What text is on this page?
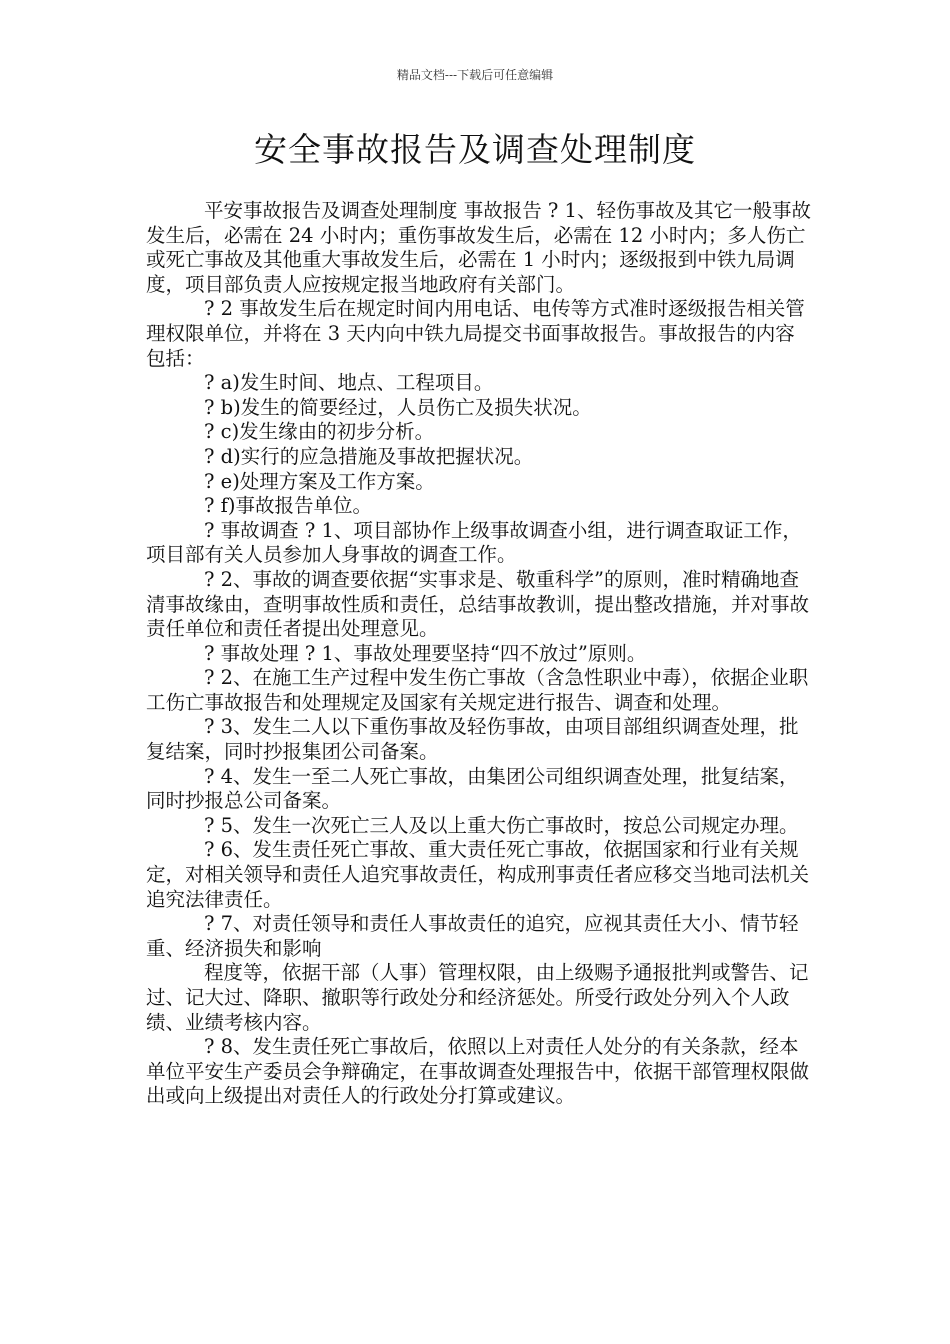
精品文档---下载后可任意编辑
安全事故报告及调查处理制度

平安事故报告及调查处理制度 事故报告 ? 1、轻伤事故及其它一般事故发生后，必需在 24 小时内；重伤事故发生后，必需在 12 小时内；多人伤亡或死亡事故及其他重大事故发生后，必需在 1 小时内；逐级报到中铁九局调度，项目部负责人应按规定报当地政府有关部门。

? 2 事故发生后在规定时间内用电话、电传等方式准时逐级报告相关管理权限单位，并将在 3 天内向中铁九局提交书面事故报告。事故报告的内容包括：

? a)发生时间、地点、工程项目。

? b)发生的简要经过，人员伤亡及损失状况。

? c)发生缘由的初步分析。

? d)实行的应急措施及事故把握状况。

? e)处理方案及工作方案。

? f)事故报告单位。

? 事故调查 ? 1、项目部协作上级事故调查小组，进行调查取证工作，项目部有关人员参加人身事故的调查工作。

? 2、事故的调查要依据“实事求是、敬重科学”的原则，准时精确地查清事故缘由，查明事故性质和责任，总结事故教训，提出整改措施，并对事故责任单位和责任者提出处理意见。

? 事故处理 ? 1、事故处理要坚持“四不放过”原则。

? 2、在施工生产过程中发生伤亡事故（含急性职业中毒），依据企业职工伤亡事故报告和处理规定及国家有关规定进行报告、调查和处理。

? 3、发生二人以下重伤事故及轻伤事故，由项目部组织调查处理，批复结案，同时抄报集团公司备案。

? 4、发生一至二人死亡事故，由集团公司组织调查处理，批复结案，同时抄报总公司备案。

? 5、发生一次死亡三人及以上重大伤亡事故时，按总公司规定办理。

? 6、发生责任死亡事故、重大责任死亡事故，依据国家和行业有关规定，对相关领导和责任人追究事故责任，构成刑事责任者应移交当地司法机关追究法律责任。

? 7、对责任领导和责任人事故责任的追究，应视其责任大小、情节轻重、经济损失和影响

程度等，依据干部（人事）管理权限，由上级赐予通报批判或警告、记过、记大过、降职、撤职等行政处分和经济惩处。所受行政处分列入个人政绩、业绩考核内容。

? 8、发生责任死亡事故后，依照以上对责任人处分的有关条款，经本单位平安生产委员会争辩确定，在事故调查处理报告中，依据干部管理权限做出或向上级提出对责任人的行政处分打算或建议。
